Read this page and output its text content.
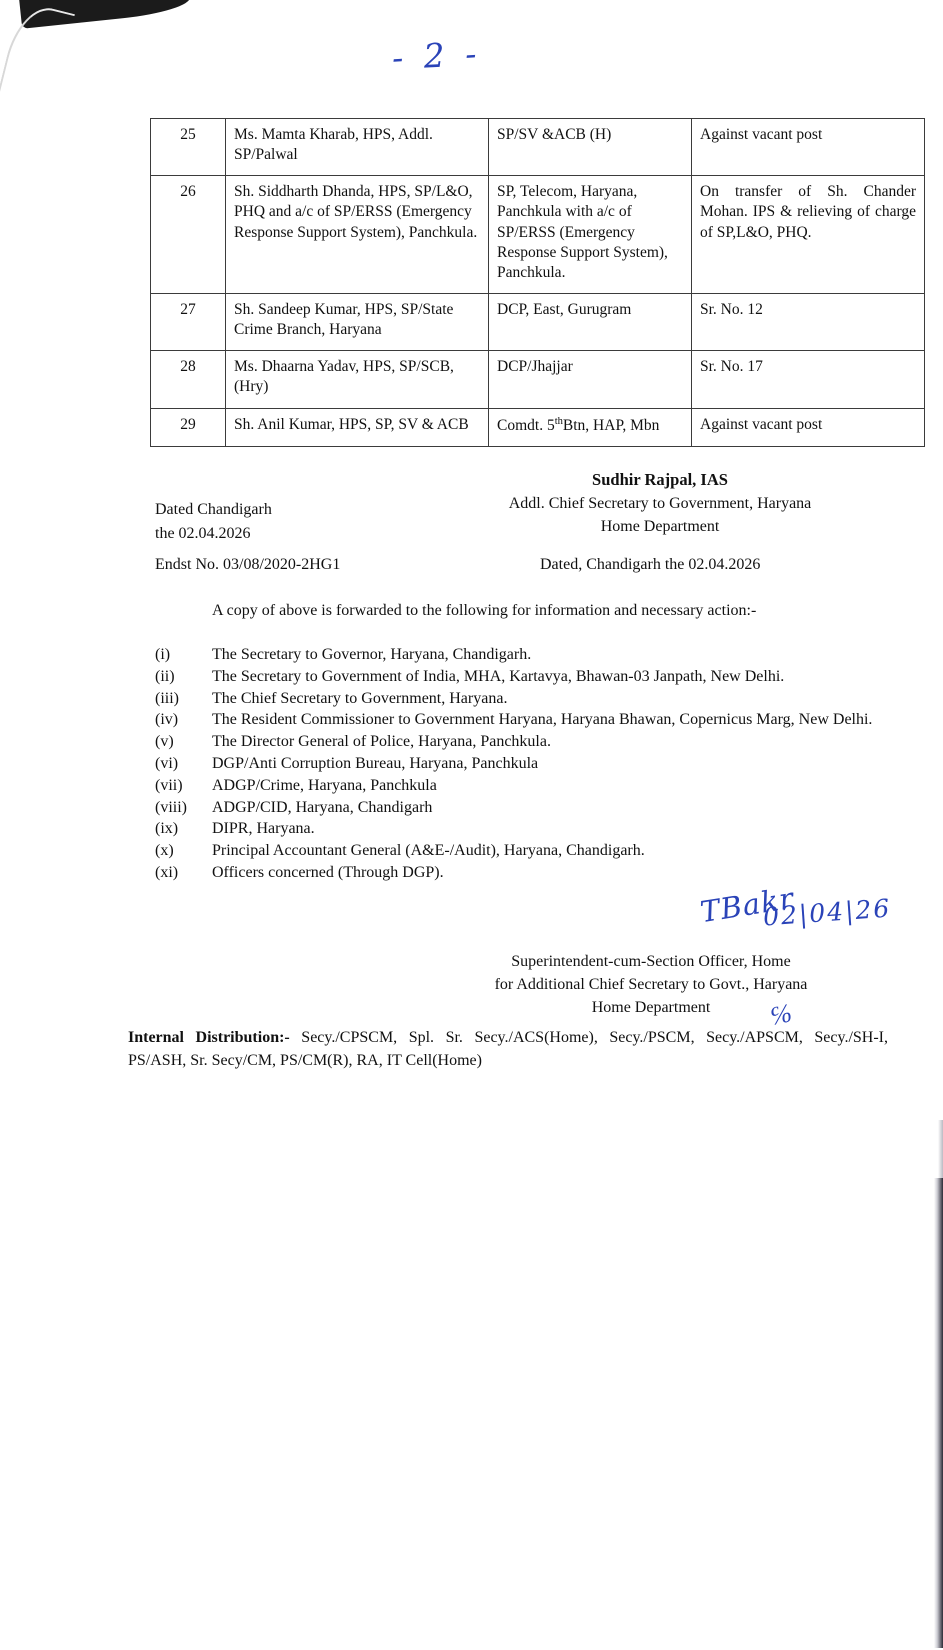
- 2 -
25	Ms. Mamta Kharab, HPS, Addl. SP/Palwal	SP/SV &ACB (H)	Against vacant post
26	Sh. Siddharth Dhanda, HPS, SP/L&O, PHQ and a/c of SP/ERSS (Emergency Response Support System), Panchkula.	SP, Telecom, Haryana, Panchkula with a/c of SP/ERSS (Emergency Response Support System), Panchkula.	On transfer of Sh. Chander Mohan. IPS & relieving of charge of SP,L&O, PHQ.
27	Sh. Sandeep Kumar, HPS, SP/State Crime Branch, Haryana	DCP, East, Gurugram	Sr. No. 12
28	Ms. Dhaarna Yadav, HPS, SP/SCB, (Hry)	DCP/Jhajjar	Sr. No. 17
29	Sh. Anil Kumar, HPS, SP, SV & ACB	Comdt. 5thBtn, HAP, Mbn	Against vacant post
Sudhir Rajpal, IAS
Addl. Chief Secretary to Government, Haryana
Home Department
Dated Chandigarh
the 02.04.2026
Endst No. 03/08/2020-2HG1	Dated, Chandigarh the 02.04.2026
A copy of above is forwarded to the following for information and necessary action:-
(i)	The Secretary to Governor, Haryana, Chandigarh.
(ii) The Secretary to Government of India, MHA, Kartavya, Bhawan-03 Janpath, New Delhi.
(iii) The Chief Secretary to Government, Haryana.
(iv) The Resident Commissioner to Government Haryana, Haryana Bhawan, Copernicus Marg, New Delhi.
(v) The Director General of Police, Haryana, Panchkula.
(vi) DGP/Anti Corruption Bureau, Haryana, Panchkula
(vii) ADGP/Crime, Haryana, Panchkula
(viii) ADGP/CID, Haryana, Chandigarh
(ix) DIPR, Haryana.
(x) Principal Accountant General (A&E-/Audit), Haryana, Chandigarh.
(xi) Officers concerned (Through DGP).
TBakr
02|04|26
Superintendent-cum-Section Officer, Home
for Additional Chief Secretary to Govt., Haryana
Home Department	℅
Internal Distribution:- Secy./CPSCM, Spl. Sr. Secy./ACS(Home), Secy./PSCM, Secy./APSCM, Secy./SH-I, PS/ASH, Sr. Secy/CM, PS/CM(R), RA, IT Cell(Home)
